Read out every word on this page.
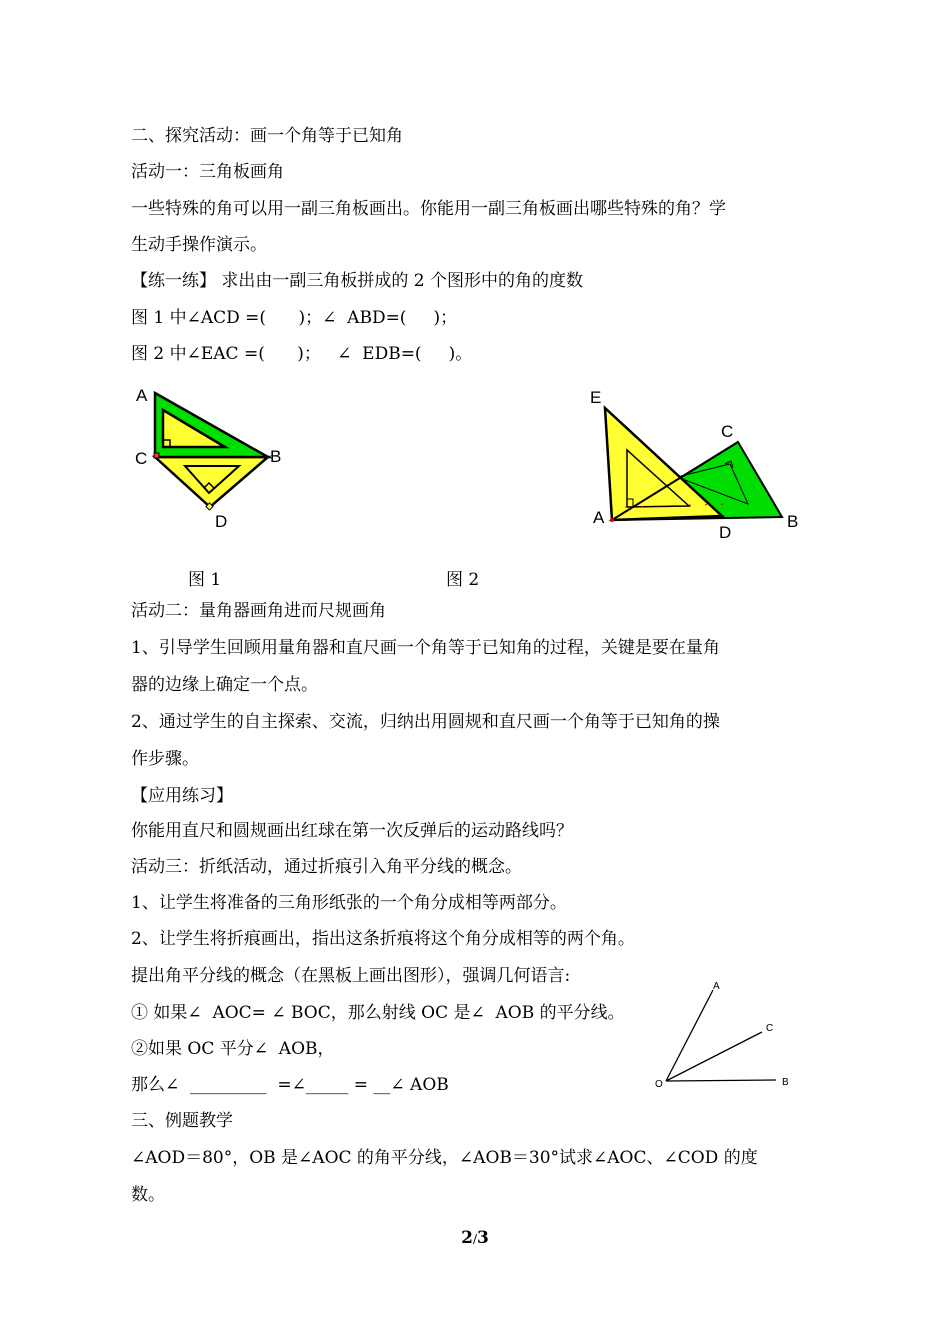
二、探究活动：画一个角等于已知角
活动一：三角板画角
一些特殊的角可以用一副三角板画出。你能用一副三角板画出哪些特殊的角？学
生动手操作演示。
【练一练】 求出由一副三角板拼成的 2 个图形中的角的度数
图 1 中∠ACD =(      )；∠  ABD=(     )；
图 2 中∠EAC =(      )；   ∠  EDB=(     )。
A
C	B
D
E
C
A
D
B
图 1	图 2
活动二：量角器画角进而尺规画角
1、引导学生回顾用量角器和直尺画一个角等于已知角的过程，关键是要在量角
器的边缘上确定一个点。
2、通过学生的自主探索、交流，归纳出用圆规和直尺画一个角等于已知角的操
作步骤。
【应用练习】
你能用直尺和圆规画出红球在第一次反弹后的运动路线吗？
活动三：折纸活动，通过折痕引入角平分线的概念。
1、让学生将准备的三角形纸张的一个角分成相等两部分。
2、让学生将折痕画出，指出这条折痕将这个角分成相等的两个角。
提出角平分线的概念（在黑板上画出图形），强调几何语言:
① 如果∠  AOC= ∠ BOC，那么射线 OC 是∠  AOB 的平分线。
②如果 OC 平分∠  AOB，
那么∠  _________  =∠_____ = __∠ AOB
A
C
O	B
三、例题教学
∠AOD＝80°，OB 是∠AOC 的角平分线，∠AOB＝30°试求∠AOC、∠COD 的度
数。
2/3
